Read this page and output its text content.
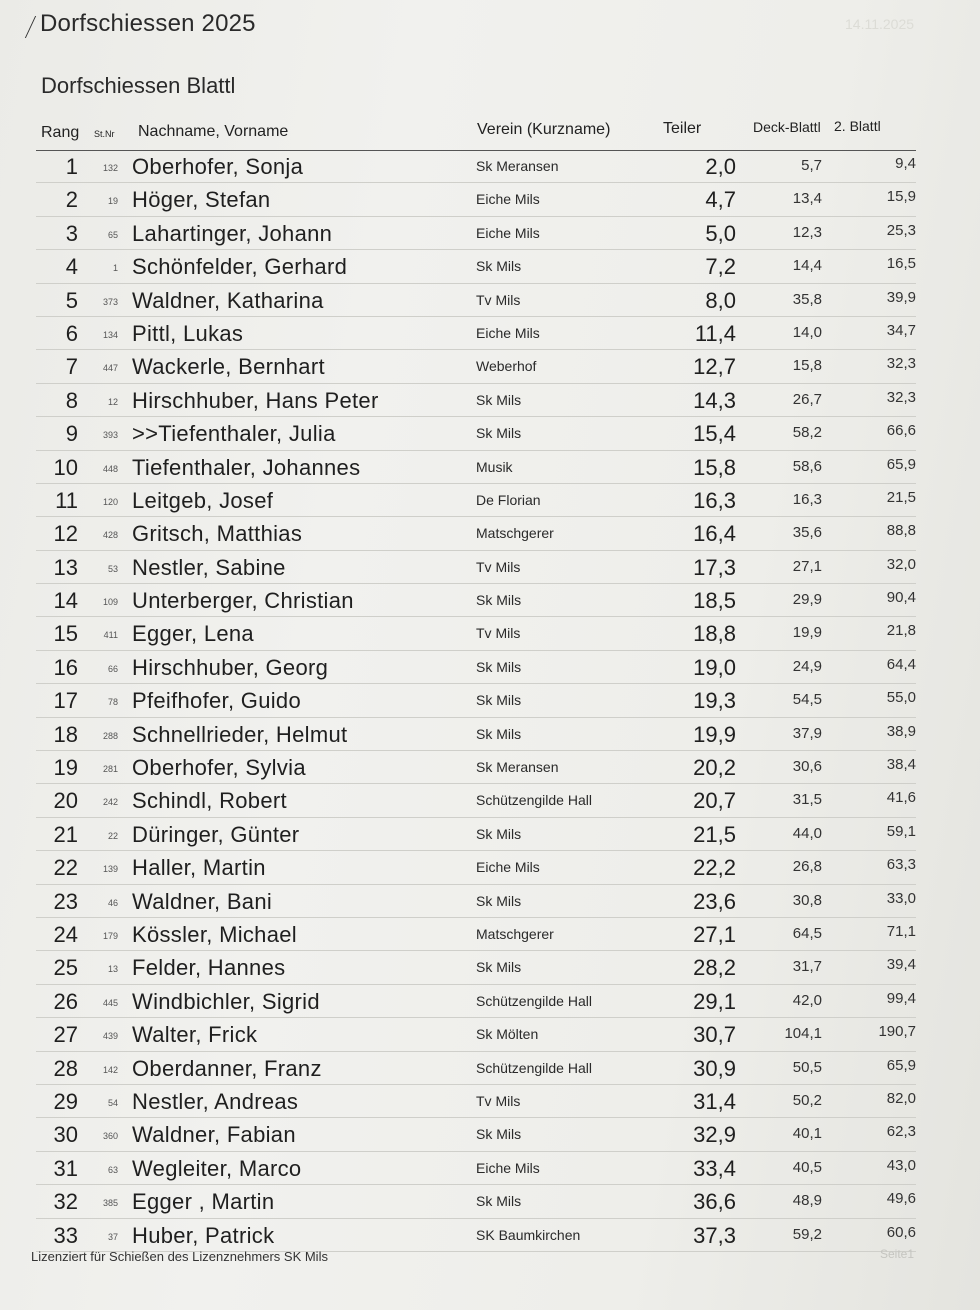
Dorfschiessen 2025	14.11.2025
Dorfschiessen Blattl
Rang St.Nr Nachname, Vorname	Verein (Kurzname)	Teiler	Deck-Blattl 2. Blattl
1	132 Oberhofer, Sonja	Sk Meransen	2,0	5,7	9,4
2	19 Höger, Stefan	Eiche Mils	4,7	13,4	15,9
3	65 Lahartinger, Johann	Eiche Mils	5,0	12,3	25,3
4	1 Schönfelder, Gerhard	Sk Mils	7,2	14,4	16,5
5	373 Waldner, Katharina	Tv Mils	8,0	35,8	39,9
6	134 Pittl, Lukas	Eiche Mils	11,4	14,0	34,7
7	447 Wackerle, Bernhart	Weberhof	12,7	15,8	32,3
8	12 Hirschhuber, Hans Peter	Sk Mils	14,3	26,7	32,3
9	393 >>Tiefenthaler, Julia	Sk Mils	15,4	58,2	66,6
10	448 Tiefenthaler, Johannes	Musik	15,8	58,6	65,9
11	120 Leitgeb, Josef	De Florian	16,3	16,3	21,5
12	428 Gritsch, Matthias	Matschgerer	16,4	35,6	88,8
13	53 Nestler, Sabine	Tv Mils	17,3	27,1	32,0
14	109 Unterberger, Christian	Sk Mils	18,5	29,9	90,4
15	411 Egger, Lena	Tv Mils	18,8	19,9	21,8
16	66 Hirschhuber, Georg	Sk Mils	19,0	24,9	64,4
17	78 Pfeifhofer, Guido	Sk Mils	19,3	54,5	55,0
18	288 Schnellrieder, Helmut	Sk Mils	19,9	37,9	38,9
19	281 Oberhofer, Sylvia	Sk Meransen	20,2	30,6	38,4
20	242 Schindl, Robert	Schützengilde Hall	20,7	31,5	41,6
21	22 Düringer, Günter	Sk Mils	21,5	44,0	59,1
22	139 Haller, Martin	Eiche Mils	22,2	26,8	63,3
23	46 Waldner, Bani	Sk Mils	23,6	30,8	33,0
24	179 Kössler, Michael	Matschgerer	27,1	64,5	71,1
25	13 Felder, Hannes	Sk Mils	28,2	31,7	39,4
26	445 Windbichler, Sigrid	Schützengilde Hall	29,1	42,0	99,4
27	439 Walter, Frick	Sk Mölten	30,7	104,1	190,7
28	142 Oberdanner, Franz	Schützengilde Hall	30,9	50,5	65,9
29	54 Nestler, Andreas	Tv Mils	31,4	50,2	82,0
30	360 Waldner, Fabian	Sk Mils	32,9	40,1	62,3
31	63 Wegleiter, Marco	Eiche Mils	33,4	40,5	43,0
32	385 Egger , Martin	Sk Mils	36,6	48,9	49,6
33	37 Huber, Patrick	SK Baumkirchen	37,3	59,2	60,6
Lizenziert für Schießen des Lizenznehmers SK Mils	Seite1
